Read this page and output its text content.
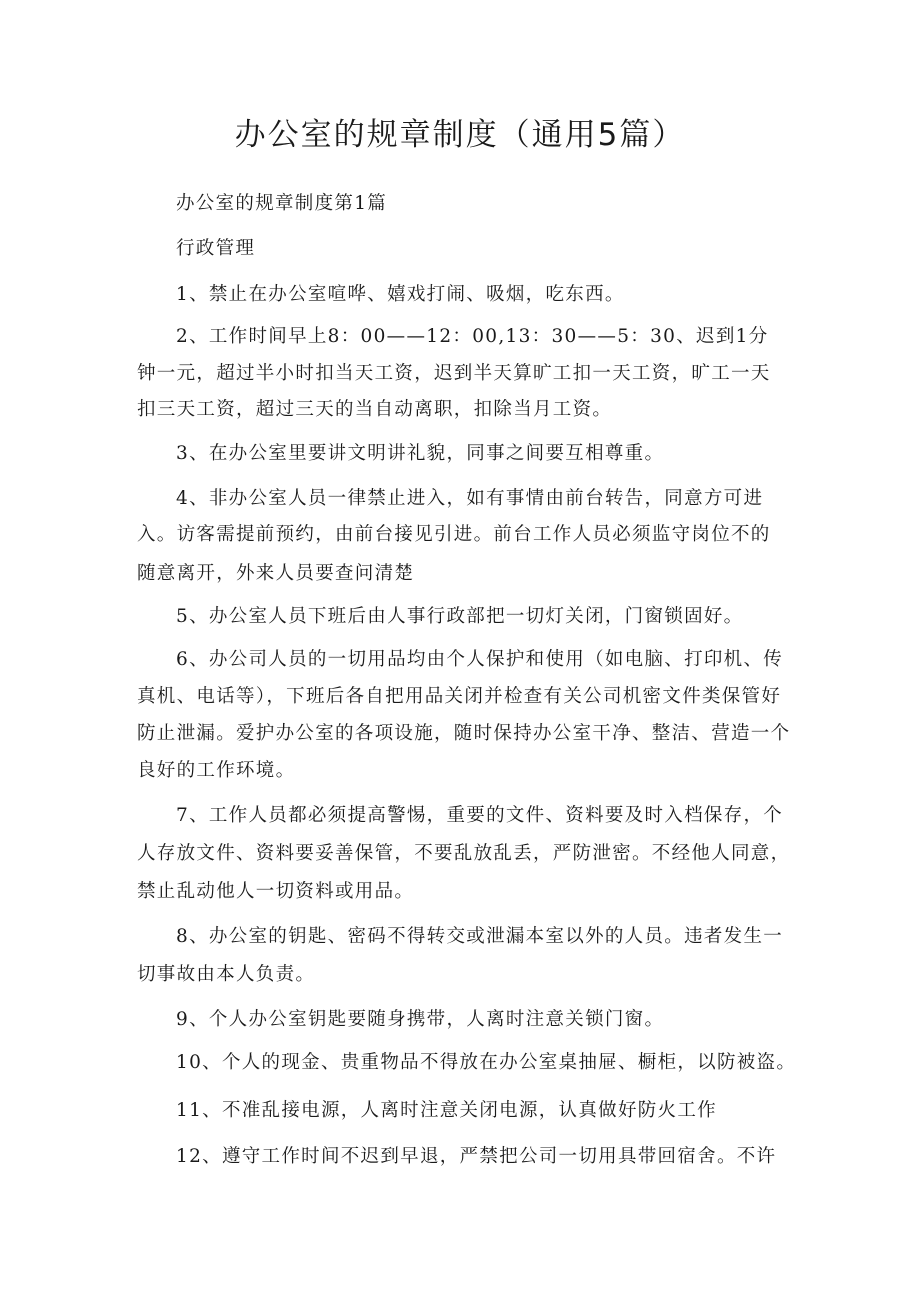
办公室的规章制度（通用5篇）
办公室的规章制度第1篇
行政管理
1、禁止在办公室喧哗、嬉戏打闹、吸烟，吃东西。
2、工作时间早上8：00——12：00,13：30——5：30、迟到1分
钟一元，超过半小时扣当天工资，迟到半天算旷工扣一天工资，旷工一天
扣三天工资，超过三天的当自动离职，扣除当月工资。
3、在办公室里要讲文明讲礼貌，同事之间要互相尊重。
4、非办公室人员一律禁止进入，如有事情由前台转告，同意方可进
入。访客需提前预约，由前台接见引进。前台工作人员必须监守岗位不的
随意离开，外来人员要查问清楚
5、办公室人员下班后由人事行政部把一切灯关闭，门窗锁固好。
6、办公司人员的一切用品均由个人保护和使用（如电脑、打印机、传
真机、电话等），下班后各自把用品关闭并检查有关公司机密文件类保管好
防止泄漏。爱护办公室的各项设施，随时保持办公室干净、整洁、营造一个
良好的工作环境。
7、工作人员都必须提高警惕，重要的文件、资料要及时入档保存，个
人存放文件、资料要妥善保管，不要乱放乱丢，严防泄密。不经他人同意，
禁止乱动他人一切资料或用品。
8、办公室的钥匙、密码不得转交或泄漏本室以外的人员。违者发生一
切事故由本人负责。
9、个人办公室钥匙要随身携带，人离时注意关锁门窗。
10、个人的现金、贵重物品不得放在办公室桌抽屉、橱柜，以防被盗。
11、不准乱接电源，人离时注意关闭电源，认真做好防火工作
12、遵守工作时间不迟到早退，严禁把公司一切用具带回宿舍。不许
